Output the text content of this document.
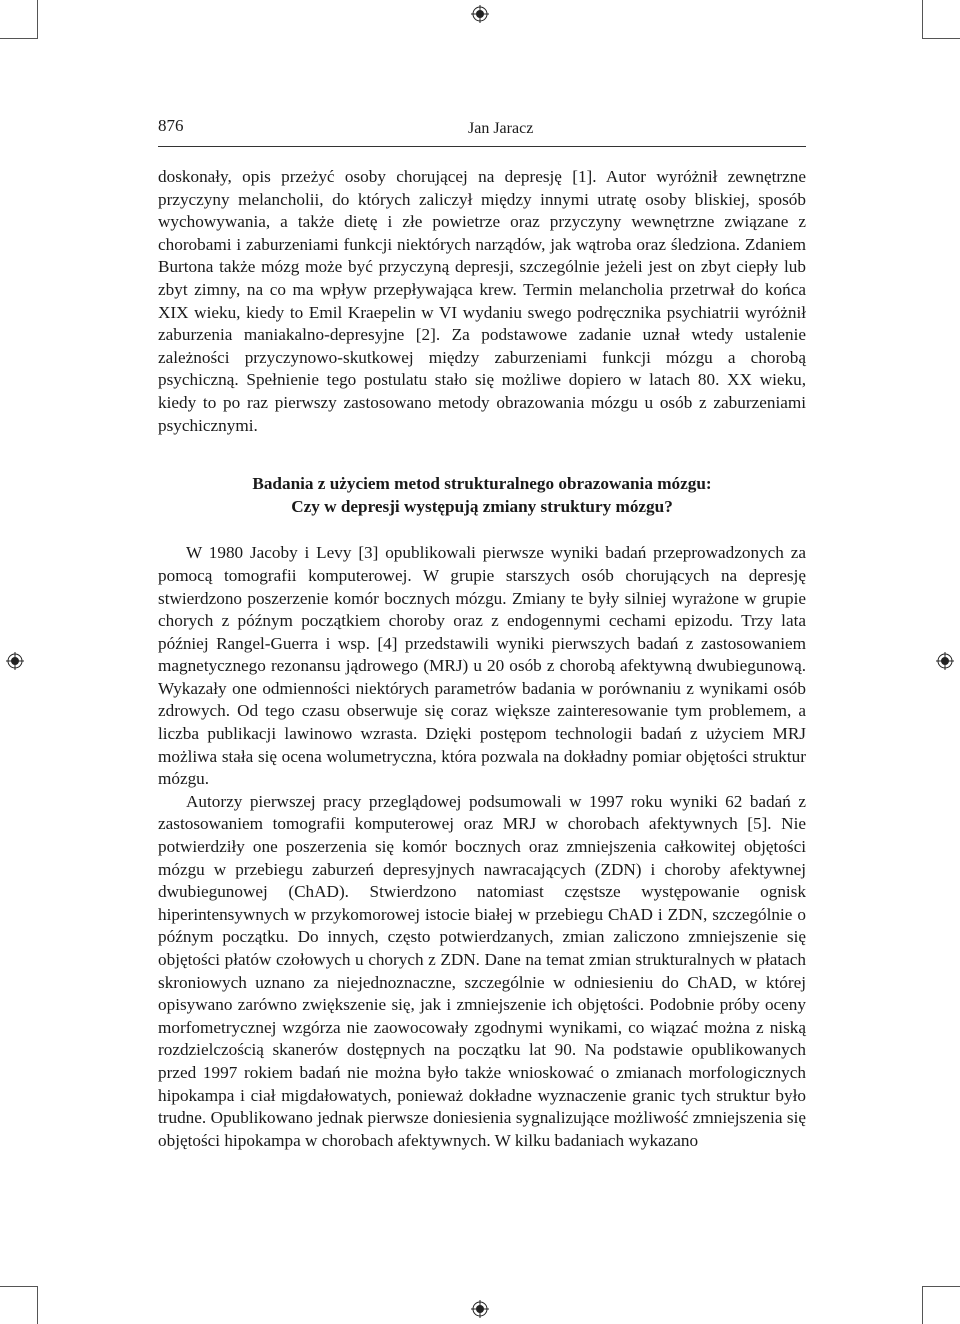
876	Jan Jaracz

doskonały, opis przeżyć osoby chorującej na depresję [1]. Autor wyróżnił zewnętrzne przyczyny melancholii, do których zaliczył między innymi utratę osoby bliskiej, sposób wychowywania, a także dietę i złe powietrze oraz przyczyny wewnętrzne związane z chorobami i zaburzeniami funkcji niektórych narządów, jak wątroba oraz śledziona. Zdaniem Burtona także mózg może być przyczyną depresji, szczególnie jeżeli jest on zbyt ciepły lub zbyt zimny, na co ma wpływ przepływająca krew. Termin melancholia przetrwał do końca XIX wieku, kiedy to Emil Kraepelin w VI wydaniu swego podręcznika psychiatrii wyróżnił zaburzenia maniakalno-depresyjne [2]. Za podstawowe zadanie uznał wtedy ustalenie zależności przyczynowo-skutkowej między zaburzeniami funkcji mózgu a chorobą psychiczną. Spełnienie tego postulatu stało się możliwe dopiero w latach 80. XX wieku, kiedy to po raz pierwszy zastosowano metody obrazowania mózgu u osób z zaburzeniami psychicznymi.

Badania z użyciem metod strukturalnego obrazowania mózgu:
Czy w depresji występują zmiany struktury mózgu?

W 1980 Jacoby i Levy [3] opublikowali pierwsze wyniki badań przeprowadzonych za pomocą tomografii komputerowej. W grupie starszych osób chorujących na depresję stwierdzono poszerzenie komór bocznych mózgu. Zmiany te były silniej wyrażone w grupie chorych z późnym początkiem choroby oraz z endogennymi cechami epizodu. Trzy lata później Rangel-Guerra i wsp. [4] przedstawili wyniki pierwszych badań z zastosowaniem magnetycznego rezonansu jądrowego (MRJ) u 20 osób z chorobą afektywną dwubiegunową. Wykazały one odmienności niektórych parametrów badania w porównaniu z wynikami osób zdrowych. Od tego czasu obserwuje się coraz większe zainteresowanie tym problemem, a liczba publikacji lawinowo wzrasta. Dzięki postępom technologii badań z użyciem MRJ możliwa stała się ocena wolumetryczna, która pozwala na dokładny pomiar objętości struktur mózgu.

Autorzy pierwszej pracy przeglądowej podsumowali w 1997 roku wyniki 62 badań z zastosowaniem tomografii komputerowej oraz MRJ w chorobach afektywnych [5]. Nie potwierdziły one poszerzenia się komór bocznych oraz zmniejszenia całkowitej objętości mózgu w przebiegu zaburzeń depresyjnych nawracających (ZDN) i choroby afektywnej dwubiegunowej (ChAD). Stwierdzono natomiast częstsze występowanie ognisk hiperintensywnych w przykomorowej istocie białej w przebiegu ChAD i ZDN, szczególnie o późnym początku. Do innych, często potwierdzanych, zmian zaliczono zmniejszenie się objętości płatów czołowych u chorych z ZDN. Dane na temat zmian strukturalnych w płatach skroniowych uznano za niejednoznaczne, szczególnie w odniesieniu do ChAD, w której opisywano zarówno zwiększenie się, jak i zmniejszenie ich objętości. Podobnie próby oceny morfometrycznej wzgórza nie zaowocowały zgodnymi wynikami, co wiązać można z niską rozdzielczością skanerów dostępnych na początku lat 90. Na podstawie opublikowanych przed 1997 rokiem badań nie można było także wnioskować o zmianach morfologicznych hipokampa i ciał migdałowatych, ponieważ dokładne wyznaczenie granic tych struktur było trudne. Opublikowano jednak pierwsze doniesienia sygnalizujące możliwość zmniejszenia się objętości hipokampa w chorobach afektywnych. W kilku badaniach wykazano
